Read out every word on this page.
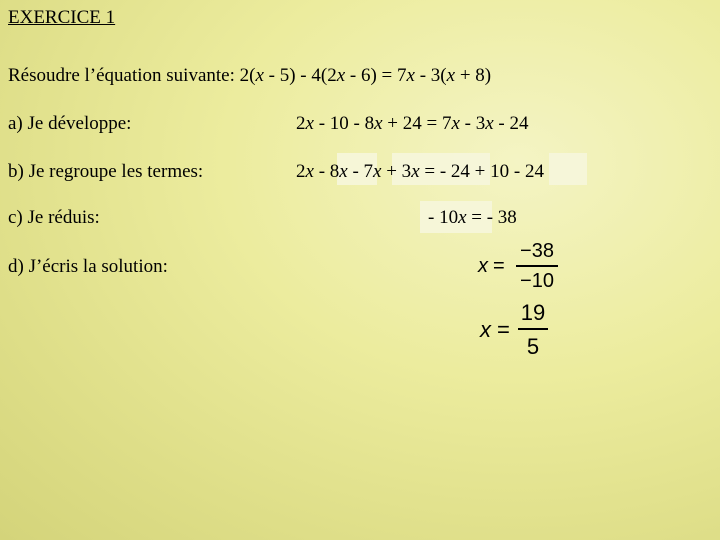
EXERCICE 1
Résoudre l’équation suivante: 2(x - 5) - 4(2x - 6) = 7x - 3(x + 8)
a) Je développe:	2x - 10 - 8x + 24 = 7x - 3x - 24
b) Je regroupe les termes:	2x - 8x - 7x + 3x = - 24 + 10 - 24
c) Je réduis:	- 10x = - 38
d) J’écris la solution:	x =
−38
−10
x =
19
5
